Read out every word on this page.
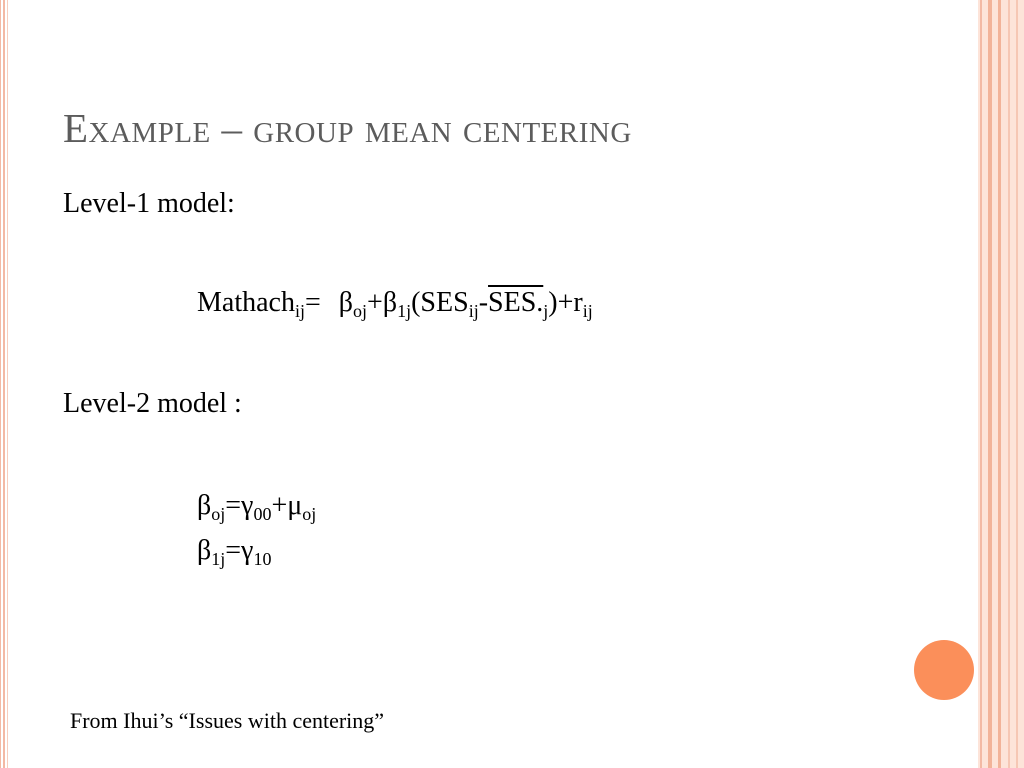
Example – group mean centering
Level-1 model:
Mathach$_{ij}$= $\beta_{oj}+\beta_{1j}(SES_{ij}-SES._j)+r_{ij}$
Level-2 model :
$\beta_{oj}=\gamma_{00}+\mu_{oj}$
$\beta_{1j}=\gamma_{10}$
From Ihui’s “Issues with centering”
